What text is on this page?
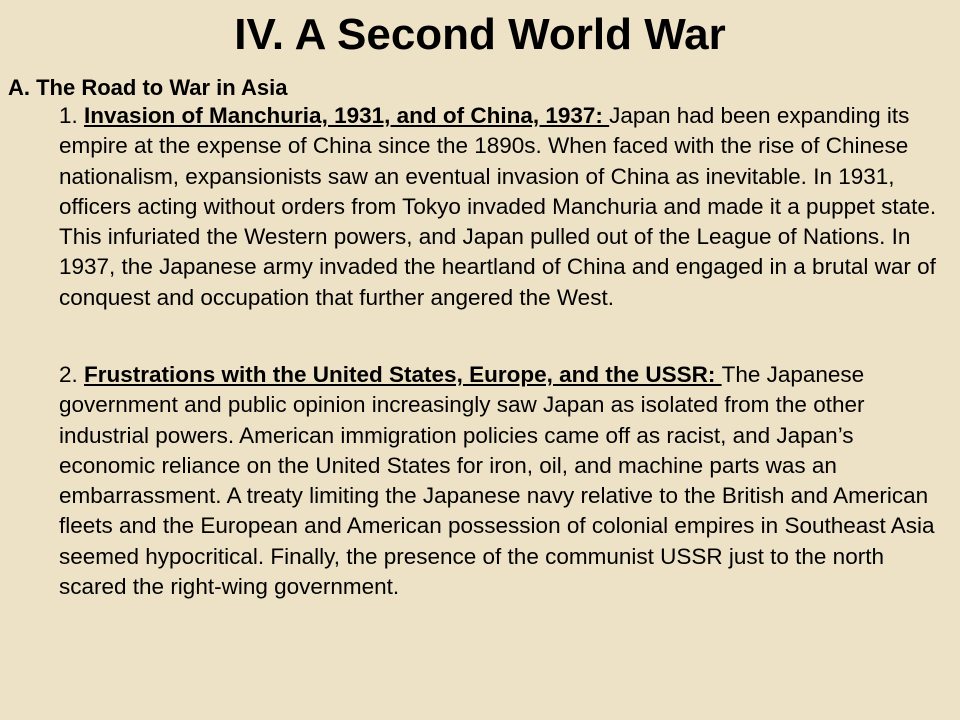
IV. A Second World War
A. The Road to War in Asia

1. Invasion of Manchuria, 1931, and of China, 1937: Japan had been expanding its empire at the expense of China since the 1890s. When faced with the rise of Chinese nationalism, expansionists saw an eventual invasion of China as inevitable. In 1931, officers acting without orders from Tokyo invaded Manchuria and made it a puppet state. This infuriated the Western powers, and Japan pulled out of the League of Nations. In 1937, the Japanese army invaded the heartland of China and engaged in a brutal war of conquest and occupation that further angered the West.

2. Frustrations with the United States, Europe, and the USSR: The Japanese government and public opinion increasingly saw Japan as isolated from the other industrial powers. American immigration policies came off as racist, and Japan’s economic reliance on the United States for iron, oil, and machine parts was an embarrassment. A treaty limiting the Japanese navy relative to the British and American fleets and the European and American possession of colonial empires in Southeast Asia seemed hypocritical. Finally, the presence of the communist USSR just to the north scared the right-wing government.
